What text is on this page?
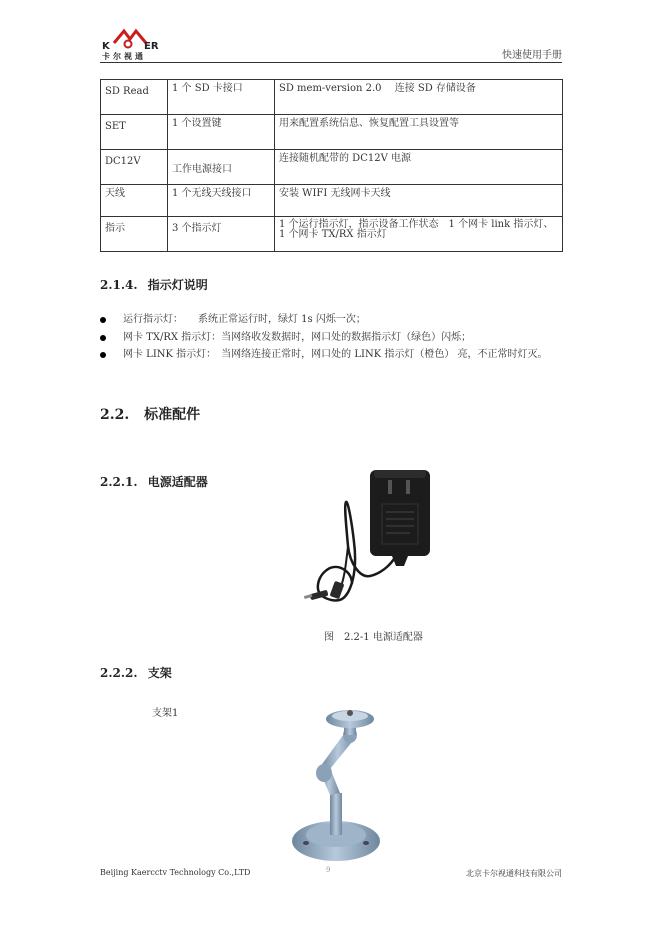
K	ER
卡尔视通	快速使用手册
SD Read	1 个 SD 卡接口	SD mem-version 2.0　 连接 SD 存储设备
SET	1 个设置键	用来配置系统信息、恢复配置工具设置等
DC12V	工作电源接口	连接随机配带的 DC12V 电源
天线	1 个无线天线接口	安装 WIFI 无线网卡天线
指示	3 个指示灯	1 个运行指示灯，指示设备工作状态　1 个网卡 link 指示灯、1 个网卡 TX/RX 指示灯
2.1.4. 指示灯说明
运行指示灯：　　系统正常运行时，绿灯 1s 闪烁一次；
网卡 TX/RX 指示灯：当网络收发数据时，网口处的数据指示灯（绿色）闪烁；
网卡 LINK 指示灯：　当网络连接正常时，网口处的 LINK 指示灯（橙色） 亮，不正常时灯灭。
2.2. 标准配件
2.2.1. 电源适配器
图　2.2-1 电源适配器
2.2.2. 支架
支架1
Beijing Kaercctv Technology Co.,LTD	9	北京卡尔视通科技有限公司
